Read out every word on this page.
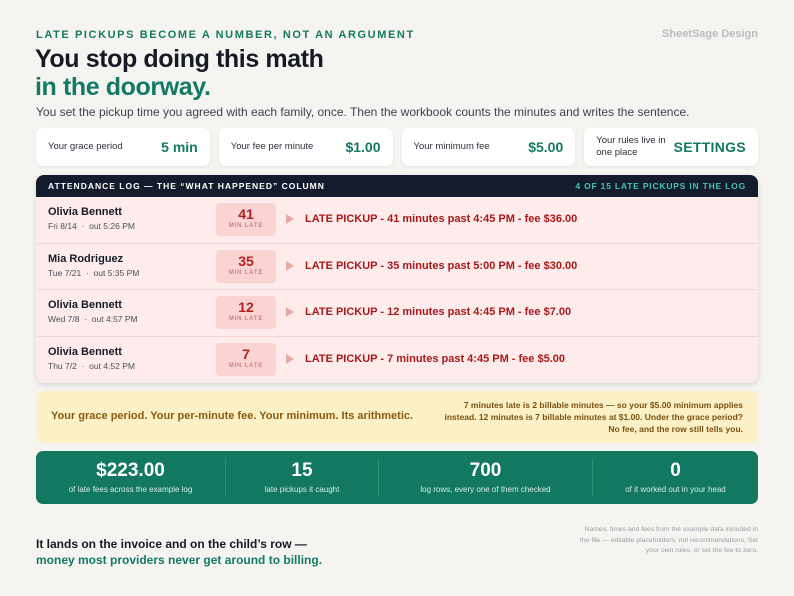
LATE PICKUPS BECOME A NUMBER, NOT AN ARGUMENT	SheetSage Design
You stop doing this math
in the doorway.

You set the pickup time you agreed with each family, once. Then the workbook counts the minutes and writes the sentence.

Your grace period	5 min	Your fee per minute $1.00	Your minimum fee	$5.00	Your rules live in one place	SETTINGS
ATTENDANCE LOG — THE “WHAT HAPPENED” COLUMN	4 OF 15 LATE PICKUPS IN THE LOG
Olivia Bennett
Fri 8/14  ·  out 5:26 PM
41
MIN LATE
LATE PICKUP - 41 minutes past 4:45 PM - fee $36.00
Mia Rodriguez
Tue 7/21  ·  out 5:35 PM
35
MIN LATE
LATE PICKUP - 35 minutes past 5:00 PM - fee $30.00
Olivia Bennett
Wed 7/8  ·  out 4:57 PM
12
MIN LATE
LATE PICKUP - 12 minutes past 4:45 PM - fee $7.00
Olivia Bennett
Thu 7/2  ·  out 4:52 PM
7
MIN LATE
LATE PICKUP - 7 minutes past 4:45 PM - fee $5.00
Your grace period. Your per-minute fee. Your minimum. Its arithmetic.
7 minutes late is 2 billable minutes — so your $5.00 minimum applies instead. 12 minutes is 7 billable minutes at $1.00. Under the grace period? No fee, and the row still tells you.
$223.00
of late fees across the example log
15
late pickups it caught
700
log rows, every one of them checked
0
of it worked out in your head
It lands on the invoice and on the child’s row —
money most providers never get around to billing.
Names, times and fees from the example data included in the file — editable placeholders, not recommendations. Set your own rules, or set the fee to zero.
